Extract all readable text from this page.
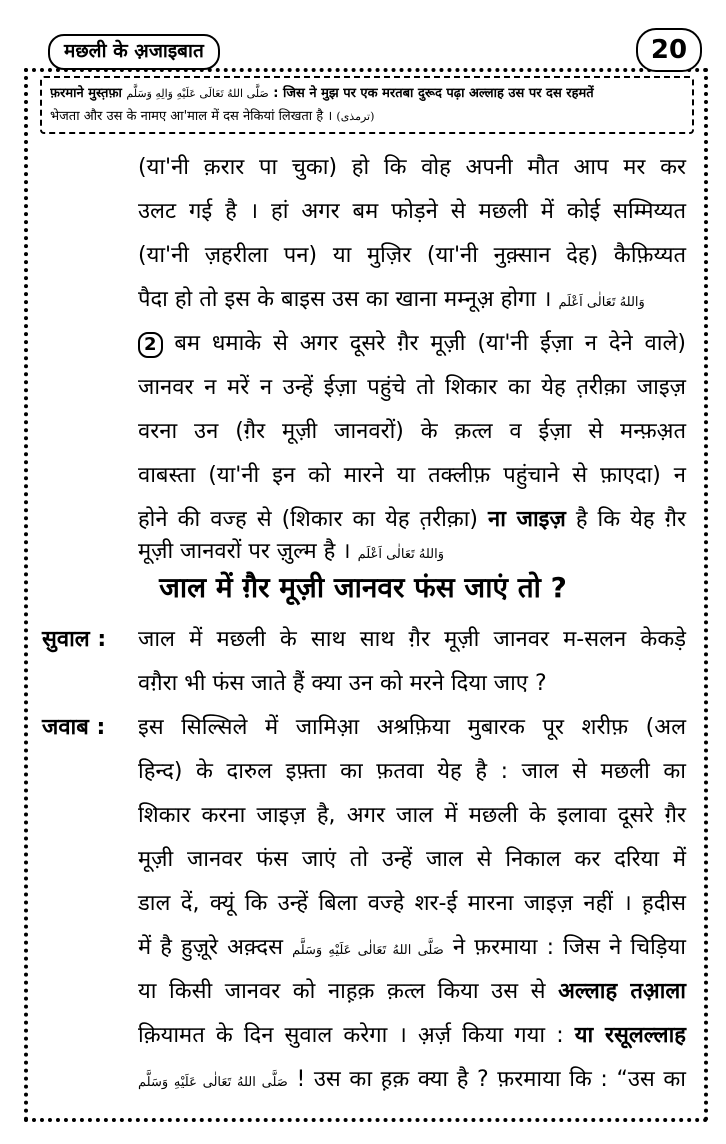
मछली के अ़जाइबात	20
फ़रमाने मुस्त़फ़ा صَلَّى اللهُ تَعَالَى عَلَيْهِ وَالِهِ وَسَلَّم : जिस ने मुझ पर एक मरतबा दुरूद पढ़ा अल्लाह उस पर दस रहमतें
भेजता और उस के नामए आ'माल में दस नेकियां लिखता है । (ترمذی)
(या'नी क़रार पा चुका) हो कि वोह अपनी मौत आप मर कर
उलट गई है । हां अगर बम फोड़ने से मछली में कोई सम्मिय्यत
(या'नी ज़हरीला पन) या मुज़िर (या'नी नुक़्सान देह) कैफ़िय्यत
पैदा हो तो इस के बाइस उस का खाना मम्नूअ़ होगा । وَاللهُ تَعَالٰى اَعْلَم
2 बम धमाके से अगर दूसरे ग़ैर मूज़ी (या'नी ईज़ा न देने वाले)
जानवर न मरें न उन्हें ईज़ा पहुंचे तो शिकार का येह त़रीक़ा जाइज़
वरना उन (ग़ैर मूज़ी जानवरों) के क़त्ल व ईज़ा से मन्फ़अ़त
वाबस्ता (या'नी इन को मारने या तक्लीफ़ पहुंचाने से फ़ाएदा) न
होने की वज्ह से (शिकार का येह त़रीक़ा) ना जाइज़ है कि येह ग़ैर
मूज़ी जानवरों पर ज़ुल्म है । وَاللهُ تَعَالٰى اَعْلَم
जाल में ग़ैर मूज़ी जानवर फंस जाएं तो ?
सुवाल : जाल में मछली के साथ साथ ग़ैर मूज़ी जानवर म-सलन केकड़े
वग़ैरा भी फंस जाते हैं क्या उन को मरने दिया जाए ?
जवाब : इस सिल्सिले में जामिआ़ अश्रफ़िया मुबारक पूर शरीफ़ (अल
हिन्द) के दारुल इफ़्ता का फ़तवा येह है : जाल से मछली का
शिकार करना जाइज़ है, अगर जाल में मछली के इलावा दूसरे ग़ैर
मूज़ी जानवर फंस जाएं तो उन्हें जाल से निकाल कर दरिया में
डाल दें, क्यूं कि उन्हें बिला वज्हे शर-ई मारना जाइज़ नहीं । ह़दीस
में है हुज़ूरे अक़्दस صَلَّى اللهُ تَعَالٰى عَلَيْهِ وَسَلَّم ने फ़रमाया : जिस ने चिड़िया
या किसी जानवर को नाह़क़ क़त्ल किया उस से अल्लाह तआ़ला
क़ियामत के दिन सुवाल करेगा । अ़र्ज़ किया गया : या रसूलल्लाह
صَلَّى اللهُ تَعَالٰى عَلَيْهِ وَسَلَّم ! उस का ह़क़ क्या है ? फ़रमाया कि : “उस का
